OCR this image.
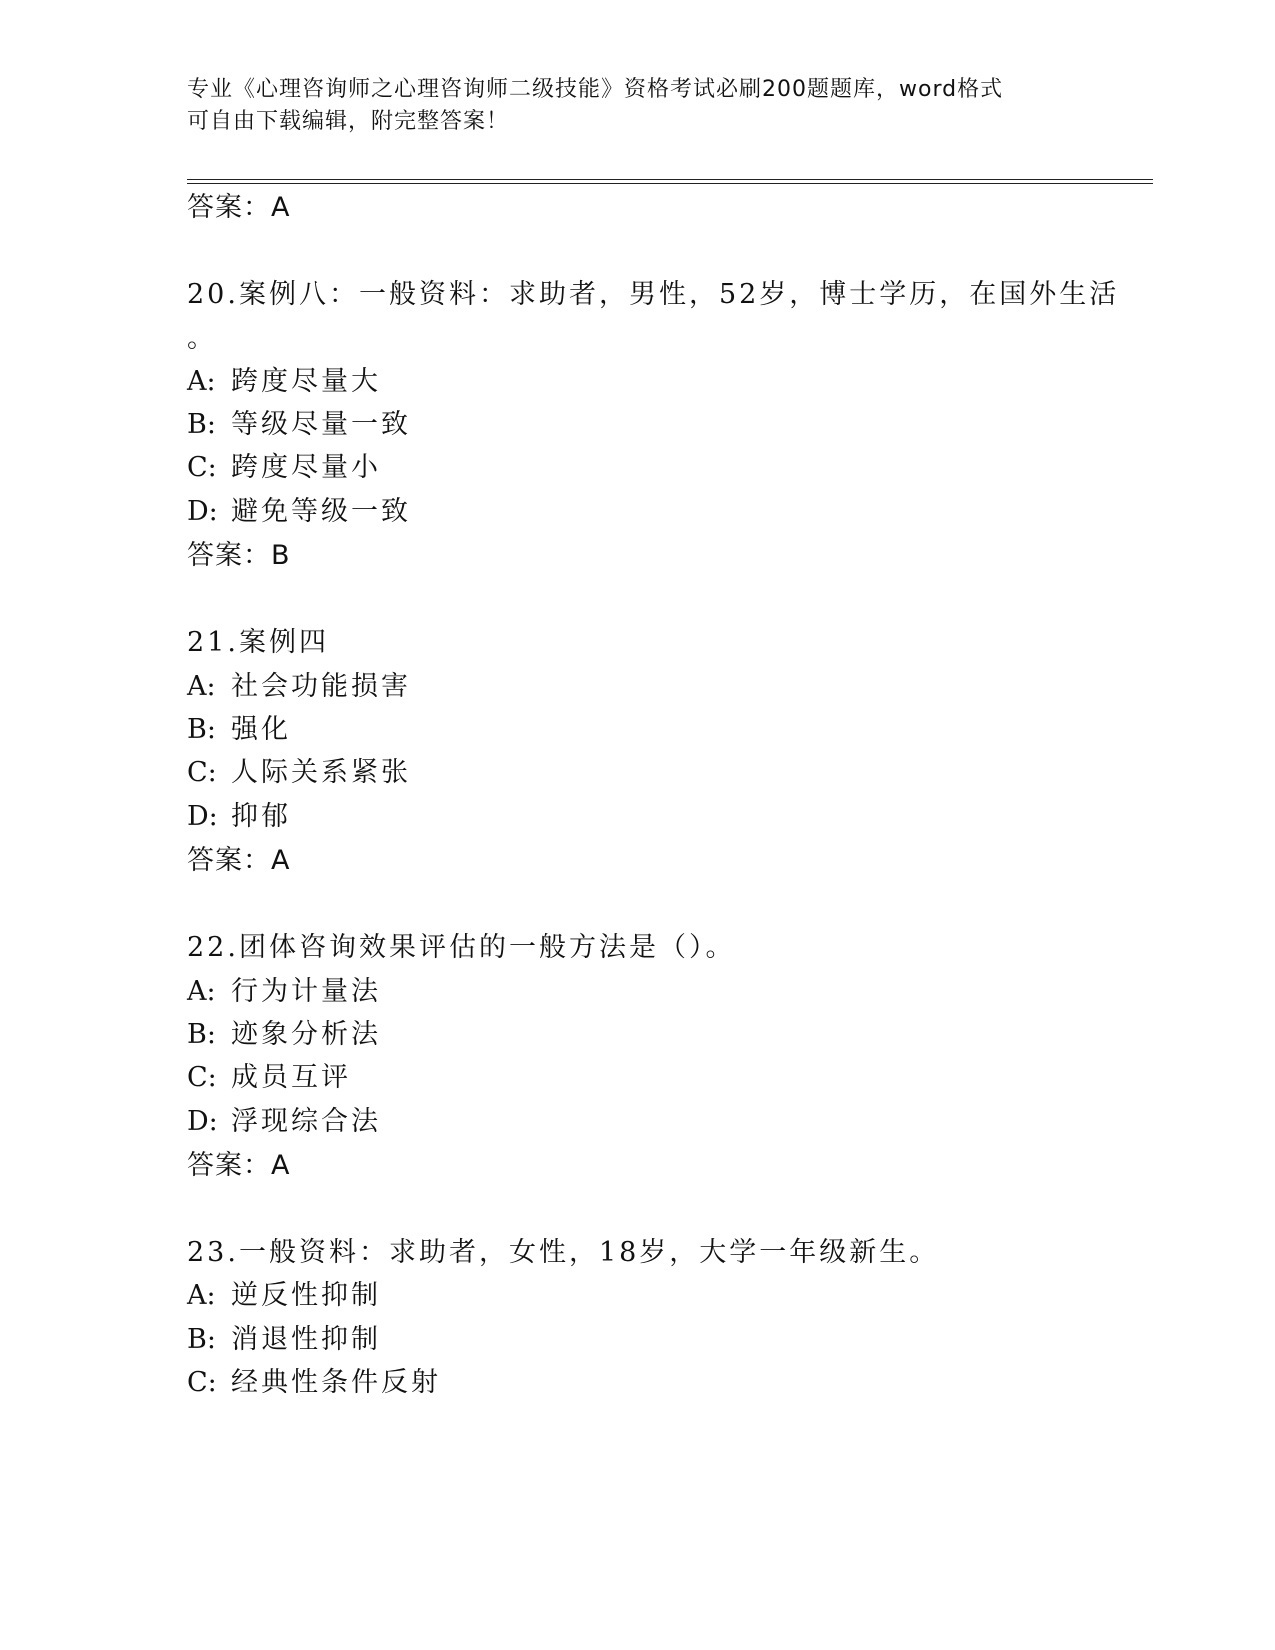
专业《心理咨询师之心理咨询师二级技能》资格考试必刷200题题库，word格式
可自由下载编辑，附完整答案！
答案：A
20.案例八：一般资料：求助者，男性，52岁，博士学历，在国外生活
。
A: 跨度尽量大
B: 等级尽量一致
C: 跨度尽量小
D: 避免等级一致
答案：B
21.案例四
A: 社会功能损害
B: 强化
C: 人际关系紧张
D: 抑郁
答案：A
22.团体咨询效果评估的一般方法是（）。
A: 行为计量法
B: 迹象分析法
C: 成员互评
D: 浮现综合法
答案：A
23.一般资料：求助者，女性，18岁，大学一年级新生。
A: 逆反性抑制
B: 消退性抑制
C: 经典性条件反射
